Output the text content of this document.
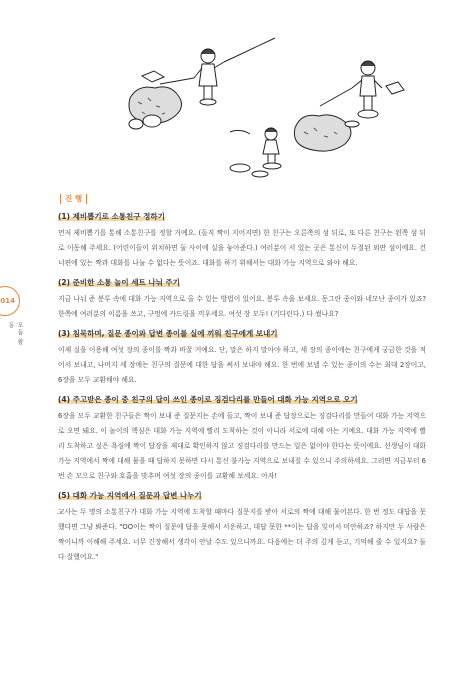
014
모듬 활동
진 행
(1) 제비뽑기로 소통친구 정하기
먼저 제비뽑기를 통해 소통친구를 정할 거예요. (들직 짝이 지어지면) 한 친구는 오른쪽의 섬 뒤로, 또 다른 친구는 왼쪽 섬 뒤로 이동해 주세요. (어린이들이 위치하면 둘 사이에 실을 놓아준다.) 여러분이 서 있는 곳은 통신이 두절된 외딴 섬이에요. 건너편에 있는 짝과 대화를 나눌 수 없다는 뜻이죠. 대화를 하기 위해서는 대화 가능 지역으로 와야 해요.
(2) 준비한 소통 놀이 세트 나눠 주기
지금 나눠 준 봉투 속에 대화 가능 지역으로 올 수 있는 방법이 있어요. 봉투 속을 보세요. 동그란 종이와 네모난 종이가 있죠? 한쪽에 여러분의 이름을 쓰고, 구멍에 카드링을 끼우세요. 여섯 장 모두! (기다린다.) 다 썼나요?
(3) 침묵하며, 질문 종이와 답변 종이를 실에 끼워 친구에게 보내기
이제 실을 이용해 여섯 장의 종이를 짝과 바꿀 거예요. 단, 말은 하지 말아야 하고, 세 장의 종이에는 친구에게 궁금한 것을 적어서 보내고, 나머지 세 장에는 친구의 질문에 대한 답을 써서 보내야 해요. 한 번에 보낼 수 있는 종이의 수는 최대 2장이고, 6장을 모두 교환해야 해요.
(4) 주고받은 종이 중 친구의 답이 쓰인 종이로 징검다리를 만들어 대화 가능 지역으로 오기
6장을 모두 교환한 친구들은 짝이 보내 준 질문지는 손에 들고, 짝이 보내 준 답장으로는 징검다리를 만들어 대화 가능 지역으로 오면 돼요. 이 놀이의 핵심은 대화 가능 지역에 빨리 도착하는 것이 아니라 서로에 대해 아는 거예요. 대화 가능 지역에 빨리 도착하고 싶은 욕심에 짝이 답장을 제대로 확인하지 않고 징검다리를 만드는 일은 없어야 한다는 뜻이에요. 선생님이 대화 가능 지역에서 짝에 대해 물을 때 답하지 못하면 다시 통신 불가능 지역으로 보내질 수 있으니 주의하세요. 그러면 지금부터 6번 손 모으로 친구와 호흡을 맞추며 여섯 장의 종이를 교환해 보세요. 아자!
(5) 대화 가능 지역에서 질문과 답변 나누기
교사는 두 명의 소통친구가 대화 가능 지역에 도착할 때마다 질문지를 받아 서로의 짝에 대해 물어본다. 한 번 정도 대답을 못했다면 그냥 봐준다. "OO이는 짝이 질문에 답을 못해서 서운하고, 대답 못한 **이는 답을 잊어서 미안하죠? 하지만 두 사람은 짝이니까 이해해 주세요. 너무 긴장해서 생각이 안날 수도 있으니까요. 다음에는 더 주의 깊게 듣고, 기억해 줄 수 있지요? 둘 다 잘했어요."
